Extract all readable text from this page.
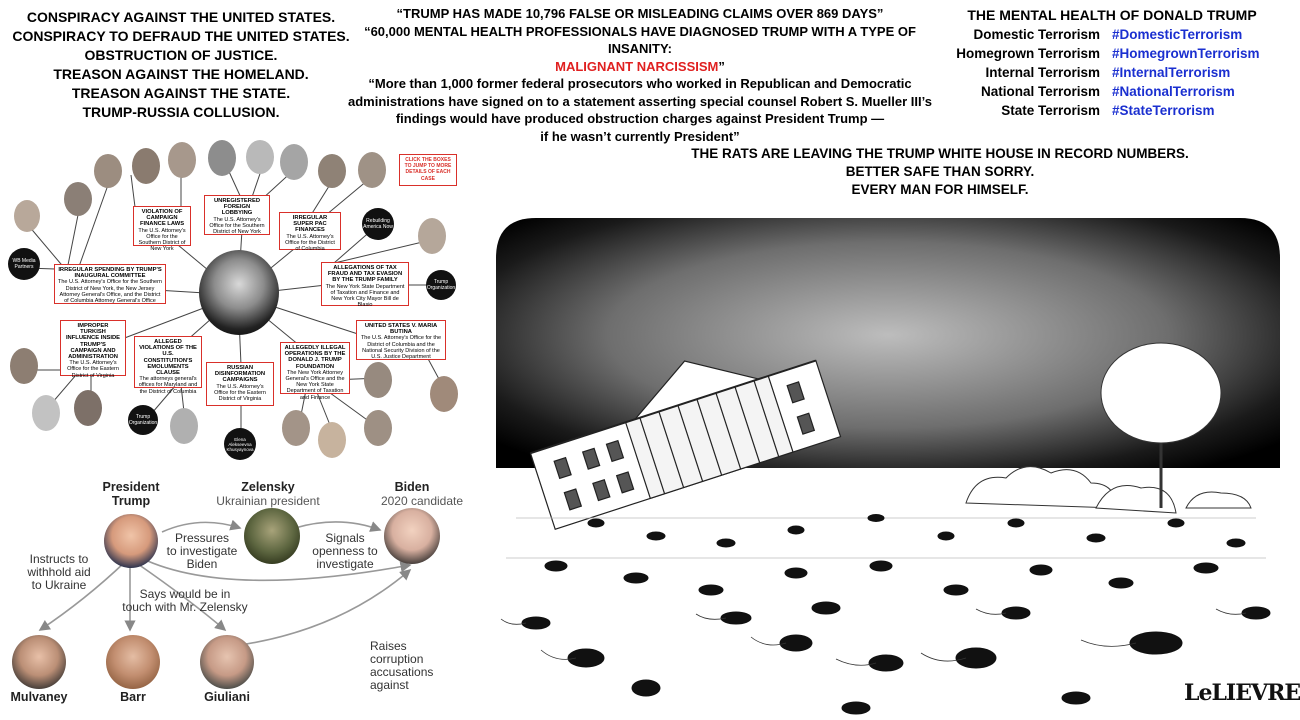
CONSPIRACY AGAINST THE UNITED STATES.
CONSPIRACY TO DEFRAUD THE UNITED STATES.
OBSTRUCTION OF JUSTICE.
TREASON AGAINST THE HOMELAND.
TREASON AGAINST THE STATE.
TRUMP-RUSSIA COLLUSION.
“TRUMP HAS MADE 10,796 FALSE OR MISLEADING CLAIMS OVER 869 DAYS”
“60,000 MENTAL HEALTH PROFESSIONALS HAVE DIAGNOSED TRUMP WITH A TYPE OF INSANITY:
MALIGNANT NARCISSISM”
“More than 1,000 former federal prosecutors who worked in Republican and Democratic
administrations have signed on to a statement asserting special counsel Robert S. Mueller III’s
findings would have produced obstruction charges against President Trump —
if he wasn’t currently President”
THE MENTAL HEALTH OF DONALD TRUMP
Domestic Terrorism #DomesticTerrorism
Homegrown Terrorism #HomegrownTerrorism
Internal Terrorism #InternalTerrorism
National Terrorism #NationalTerrorism
State Terrorism #StateTerrorism
THE RATS ARE LEAVING THE TRUMP WHITE HOUSE IN RECORD NUMBERS.
BETTER SAFE THAN SORRY.
EVERY MAN FOR HIMSELF.
WB Media Partners
Rebuilding America Now
Trump Organization
Trump Organization
Elena Alekseevna Khusyaynova
CLICK THE BOXES TO JUMP TO MORE DETAILS OF EACH CASE
VIOLATION OF CAMPAIGN FINANCE LAWS
The U.S. Attorney's Office for the Southern District of New York
UNREGISTERED FOREIGN LOBBYING
The U.S. Attorney's Office for the Southern District of New York
IRREGULAR SUPER PAC FINANCES
The U.S. Attorney's Office for the District of Columbia
IRREGULAR SPENDING BY TRUMP'S INAUGURAL COMMITTEE
The U.S. Attorney's Office for the Southern District of New York, the New Jersey Attorney General's Office, and the District of Columbia Attorney General's Office
ALLEGATIONS OF TAX FRAUD AND TAX EVASION BY THE TRUMP FAMILY
The New York State Department of Taxation and Finance and New York City Mayor Bill de Blasio
IMPROPER TURKISH INFLUENCE INSIDE TRUMP'S CAMPAIGN AND ADMINISTRATION
The U.S. Attorney's Office for the Eastern District of Virginia
ALLEGED VIOLATIONS OF THE U.S. CONSTITUTION'S EMOLUMENTS CLAUSE
The attorneys general's offices for Maryland and the District of Columbia
RUSSIAN DISINFORMATION CAMPAIGNS
The U.S. Attorney's Office for the Eastern District of Virginia
ALLEGEDLY ILLEGAL OPERATIONS BY THE DONALD J. TRUMP FOUNDATION
The New York Attorney General's Office and the New York State Department of Taxation and Finance
UNITED STATES V. MARIA BUTINA
The U.S. Attorney's Office for the District of Columbia and the National Security Division of the U.S. Justice Department
President
Trump
Zelensky
Ukrainian president
Biden
2020 candidate
Pressures
to investigate
Biden
Signals
openness to
investigate
Instructs to
withhold aid
to Ukraine
Says would be in
touch with Mr. Zelensky
Raises
corruption
accusations
against
Mulvaney	Barr	Giuliani	LeLIEVRE
